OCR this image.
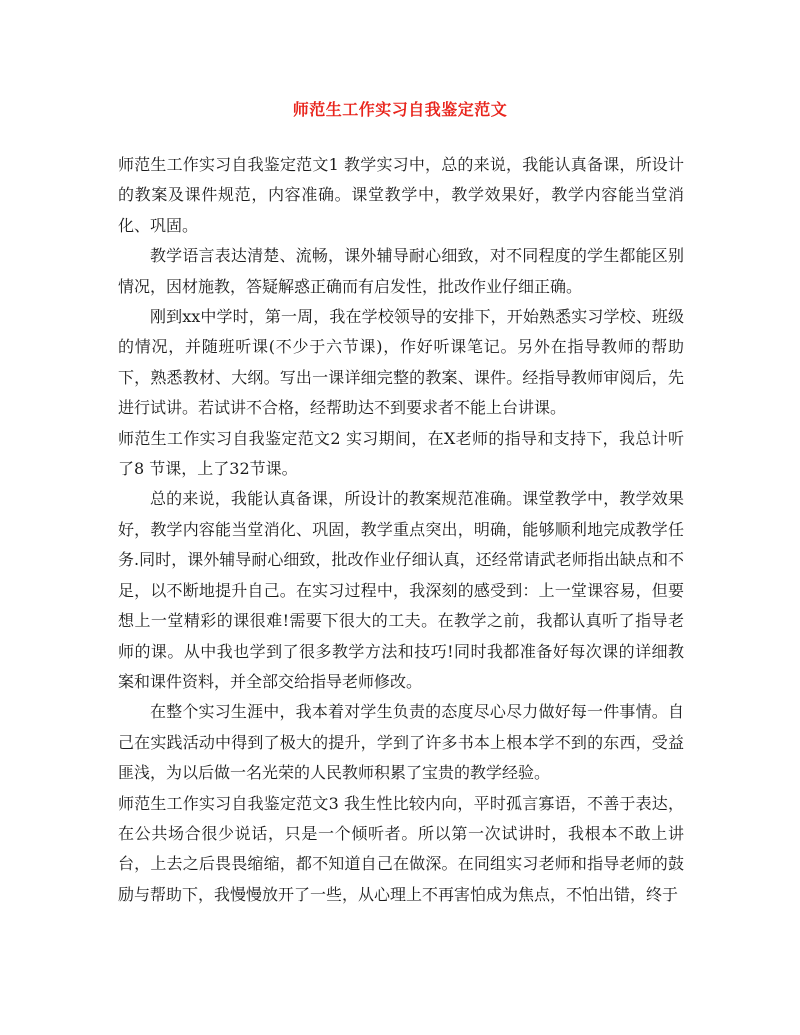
师范生工作实习自我鉴定范文

师范生工作实习自我鉴定范文1 教学实习中，总的来说，我能认真备课，所设计的教案及课件规范，内容准确。课堂教学中，教学效果好，教学内容能当堂消化、巩固。

教学语言表达清楚、流畅，课外辅导耐心细致，对不同程度的学生都能区别情况，因材施教，答疑解惑正确而有启发性，批改作业仔细正确。

刚到xx中学时，第一周，我在学校领导的安排下，开始熟悉实习学校、班级的情况，并随班听课(不少于六节课)，作好听课笔记。另外在指导教师的帮助下，熟悉教材、大纲。写出一课详细完整的教案、课件。经指导教师审阅后，先进行试讲。若试讲不合格，经帮助达不到要求者不能上台讲课。

师范生工作实习自我鉴定范文2 实习期间，在X老师的指导和支持下，我总计听了8 节课，上了32节课。

总的来说，我能认真备课，所设计的教案规范准确。课堂教学中，教学效果好，教学内容能当堂消化、巩固，教学重点突出，明确，能够顺利地完成教学任务.同时，课外辅导耐心细致，批改作业仔细认真，还经常请武老师指出缺点和不足，以不断地提升自己。在实习过程中，我深刻的感受到：上一堂课容易，但要想上一堂精彩的课很难!需要下很大的工夫。在教学之前，我都认真听了指导老师的课。从中我也学到了很多教学方法和技巧!同时我都准备好每次课的详细教案和课件资料，并全部交给指导老师修改。

在整个实习生涯中，我本着对学生负责的态度尽心尽力做好每一件事情。自己在实践活动中得到了极大的提升，学到了许多书本上根本学不到的东西，受益匪浅，为以后做一名光荣的人民教师积累了宝贵的教学经验。

师范生工作实习自我鉴定范文3 我生性比较内向，平时孤言寡语，不善于表达，在公共场合很少说话，只是一个倾听者。所以第一次试讲时，我根本不敢上讲台，上去之后畏畏缩缩，都不知道自己在做深。在同组实习老师和指导老师的鼓励与帮助下，我慢慢放开了一些，从心理上不再害怕成为焦点，不怕出错，终于
